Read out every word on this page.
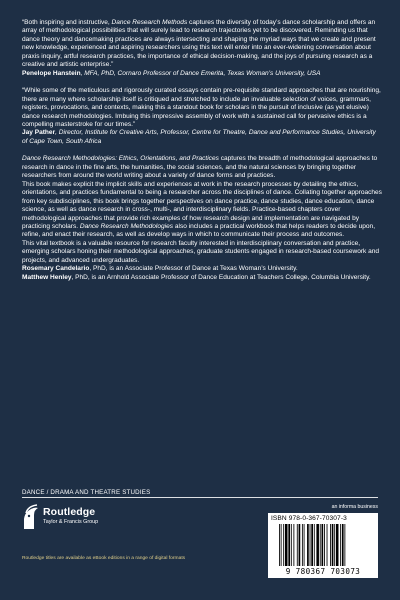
“Both inspiring and instructive, Dance Research Methods captures the diversity of today’s dance scholarship and offers an array of methodological possibilities that will surely lead to research trajectories yet to be discovered. Reminding us that dance theory and dancemaking practices are always intersecting and shaping the myriad ways that we create and present new knowledge, experienced and aspiring researchers using this text will enter into an ever-widening conversation about praxis inquiry, artful research practices, the importance of ethical decision-making, and the joys of pursuing research as a creative and artistic enterprise.”

Penelope Hanstein, MFA, PhD, Cornaro Professor of Dance Emerita, Texas Woman’s University, USA

“While some of the meticulous and rigorously curated essays contain pre-requisite standard approaches that are nourishing, there are many where scholarship itself is critiqued and stretched to include an invaluable selection of voices, grammars, registers, provocations, and contexts, making this a standout book for scholars in the pursuit of inclusive (as yet elusive) dance research methodologies. Imbuing this impressive assembly of work with a sustained call for pervasive ethics is a compelling masterstroke for our times.”

Jay Pather, Director, Institute for Creative Arts, Professor, Centre for Theatre, Dance and Performance Studies, University of Cape Town, South Africa

Dance Research Methodologies: Ethics, Orientations, and Practices captures the breadth of methodological approaches to research in dance in the fine arts, the humanities, the social sciences, and the natural sciences by bringing together researchers from around the world writing about a variety of dance forms and practices.

This book makes explicit the implicit skills and experiences at work in the research processes by detailing the ethics, orientations, and practices fundamental to being a researcher across the disciplines of dance. Collating together approaches from key subdisciplines, this book brings together perspectives on dance practice, dance studies, dance education, dance science, as well as dance research in cross-, multi-, and interdisciplinary fields. Practice-based chapters cover methodological approaches that provide rich examples of how research design and implementation are navigated by practicing scholars. Dance Research Methodologies also includes a practical workbook that helps readers to decide upon, refine, and enact their research, as well as develop ways in which to communicate their process and outcomes.

This vital textbook is a valuable resource for research faculty interested in interdisciplinary conversation and practice, emerging scholars honing their methodological approaches, graduate students engaged in research-based coursework and projects, and advanced undergraduates.

Rosemary Candelario, PhD, is an Associate Professor of Dance at Texas Woman’s University.

Matthew Henley, PhD, is an Arnhold Associate Professor of Dance Education at Teachers College, Columbia University.

DANCE / DRAMA AND THEATRE STUDIES
Routledge
Taylor & Francis Group
an informa business
ISBN 978-0-367-70307-3
9 780367 703073
Routledge titles are available as eBook editions in a range of digital formats
